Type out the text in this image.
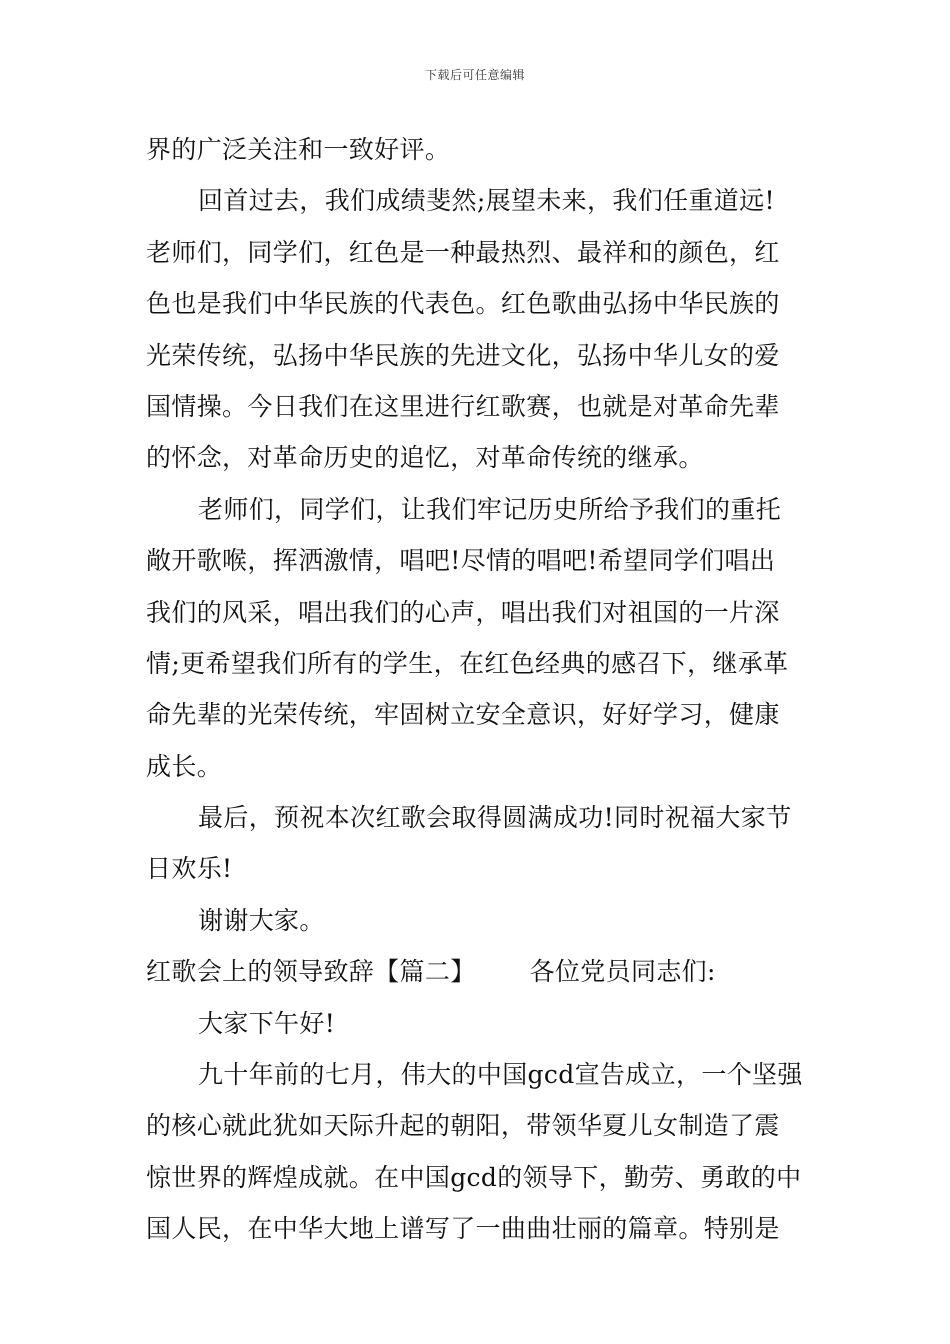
下载后可任意编辑
界的广泛关注和一致好评。
回首过去，我们成绩斐然;展望未来，我们任重道远!
老师们，同学们，红色是一种最热烈、最祥和的颜色，红
色也是我们中华民族的代表色。红色歌曲弘扬中华民族的
光荣传统，弘扬中华民族的先进文化，弘扬中华儿女的爱
国情操。今日我们在这里进行红歌赛，也就是对革命先辈
的怀念，对革命历史的追忆，对革命传统的继承。
老师们，同学们，让我们牢记历史所给予我们的重托
敞开歌喉，挥洒激情，唱吧!尽情的唱吧!希望同学们唱出
我们的风采，唱出我们的心声，唱出我们对祖国的一片深
情;更希望我们所有的学生，在红色经典的感召下，继承革
命先辈的光荣传统，牢固树立安全意识，好好学习，健康
成长。
最后，预祝本次红歌会取得圆满成功!同时祝福大家节
日欢乐!
谢谢大家。
红歌会上的领导致辞【篇二】 各位党员同志们:
大家下午好!
九十年前的七月，伟大的中国gcd宣告成立，一个坚强
的核心就此犹如天际升起的朝阳，带领华夏儿女制造了震
惊世界的辉煌成就。在中国gcd的领导下，勤劳、勇敢的中
国人民，在中华大地上谱写了一曲曲壮丽的篇章。特别是
